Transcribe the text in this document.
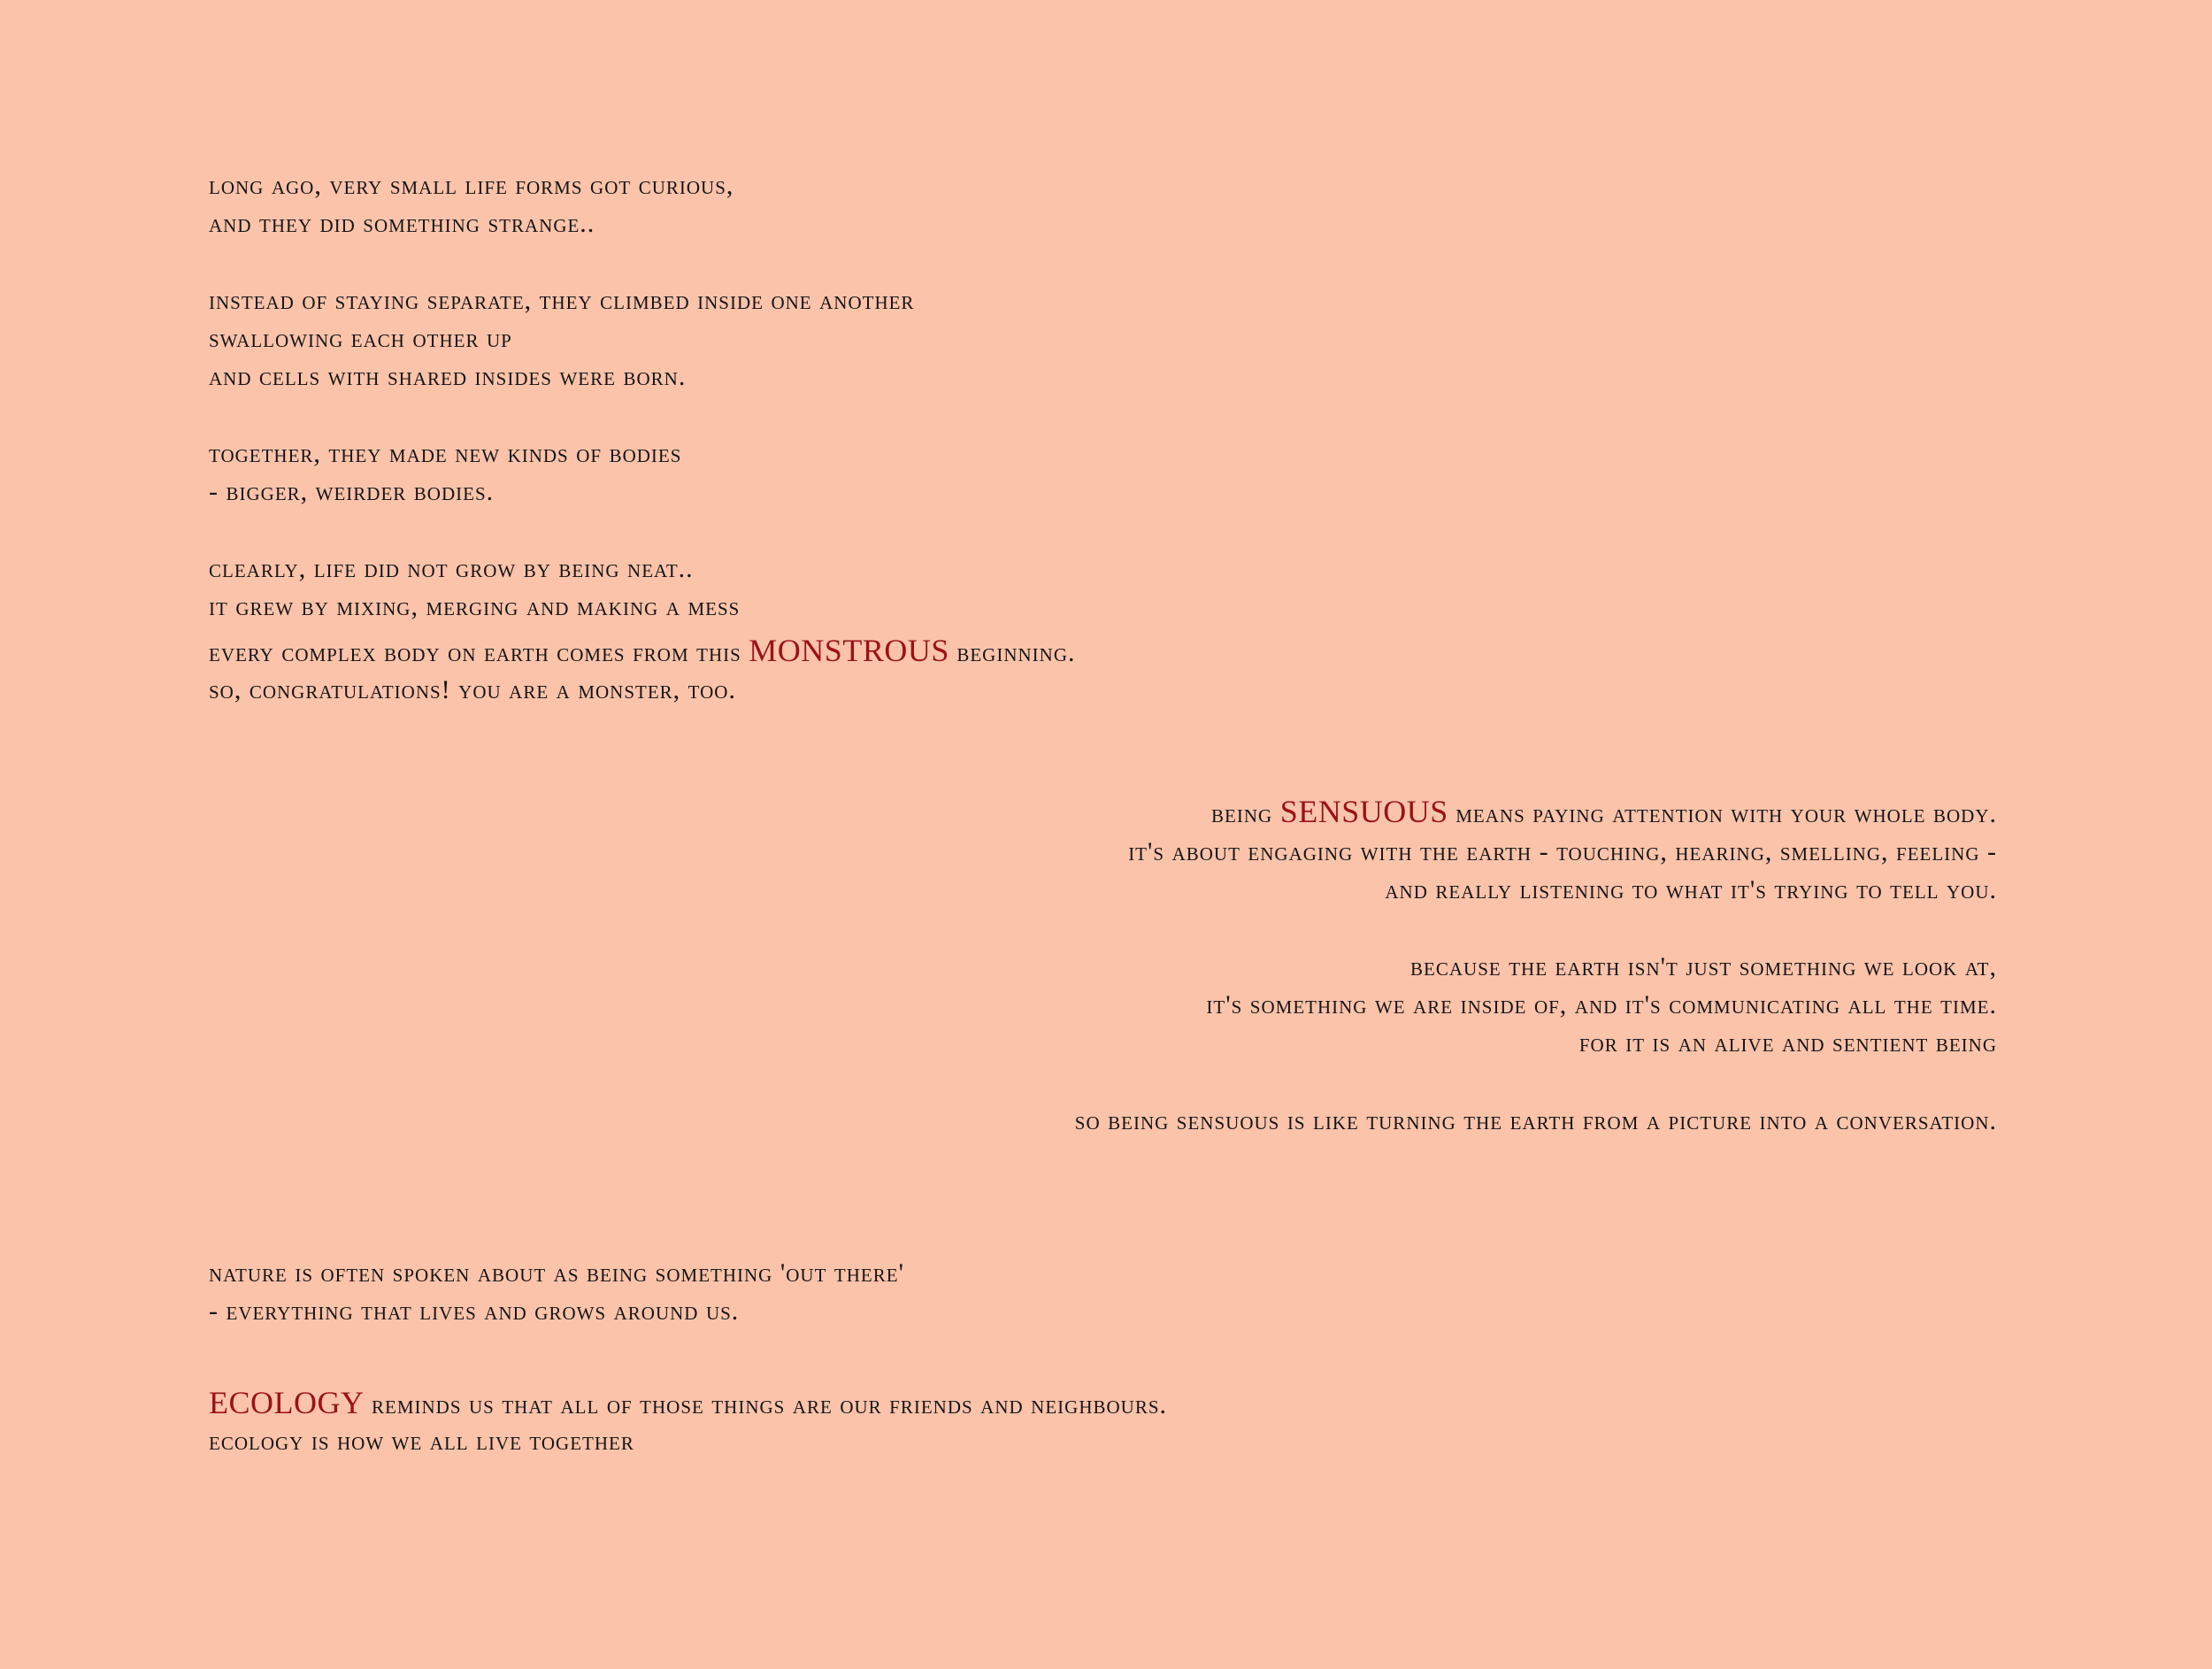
long ago, very small life forms got curious,
and they did something strange..
instead of staying separate, they climbed inside one another
swallowing each other up
and cells with shared insides were born.
together, they made new kinds of bodies
- bigger, weirder bodies.
clearly, life did not grow by being neat..
it grew by mixing, merging and making a mess
every complex body on earth comes from this MONSTROUS beginning.
so, congratulations! you are a monster, too.
being SENSUOUS means paying attention with your whole body.
it's about engaging with the earth - touching, hearing, smelling, feeling -
and really listening to what it's trying to tell you.
because the earth isn't just something we look at,
it's something we are inside of, and it's communicating all the time.
for it is an alive and sentient being
so being sensuous is like turning the earth from a picture into a conversation.
nature is often spoken about as being something 'out there'
- everything that lives and grows around us.
ECOLOGY reminds us that all of those things are our friends and neighbours.
ecology is how we all live together
